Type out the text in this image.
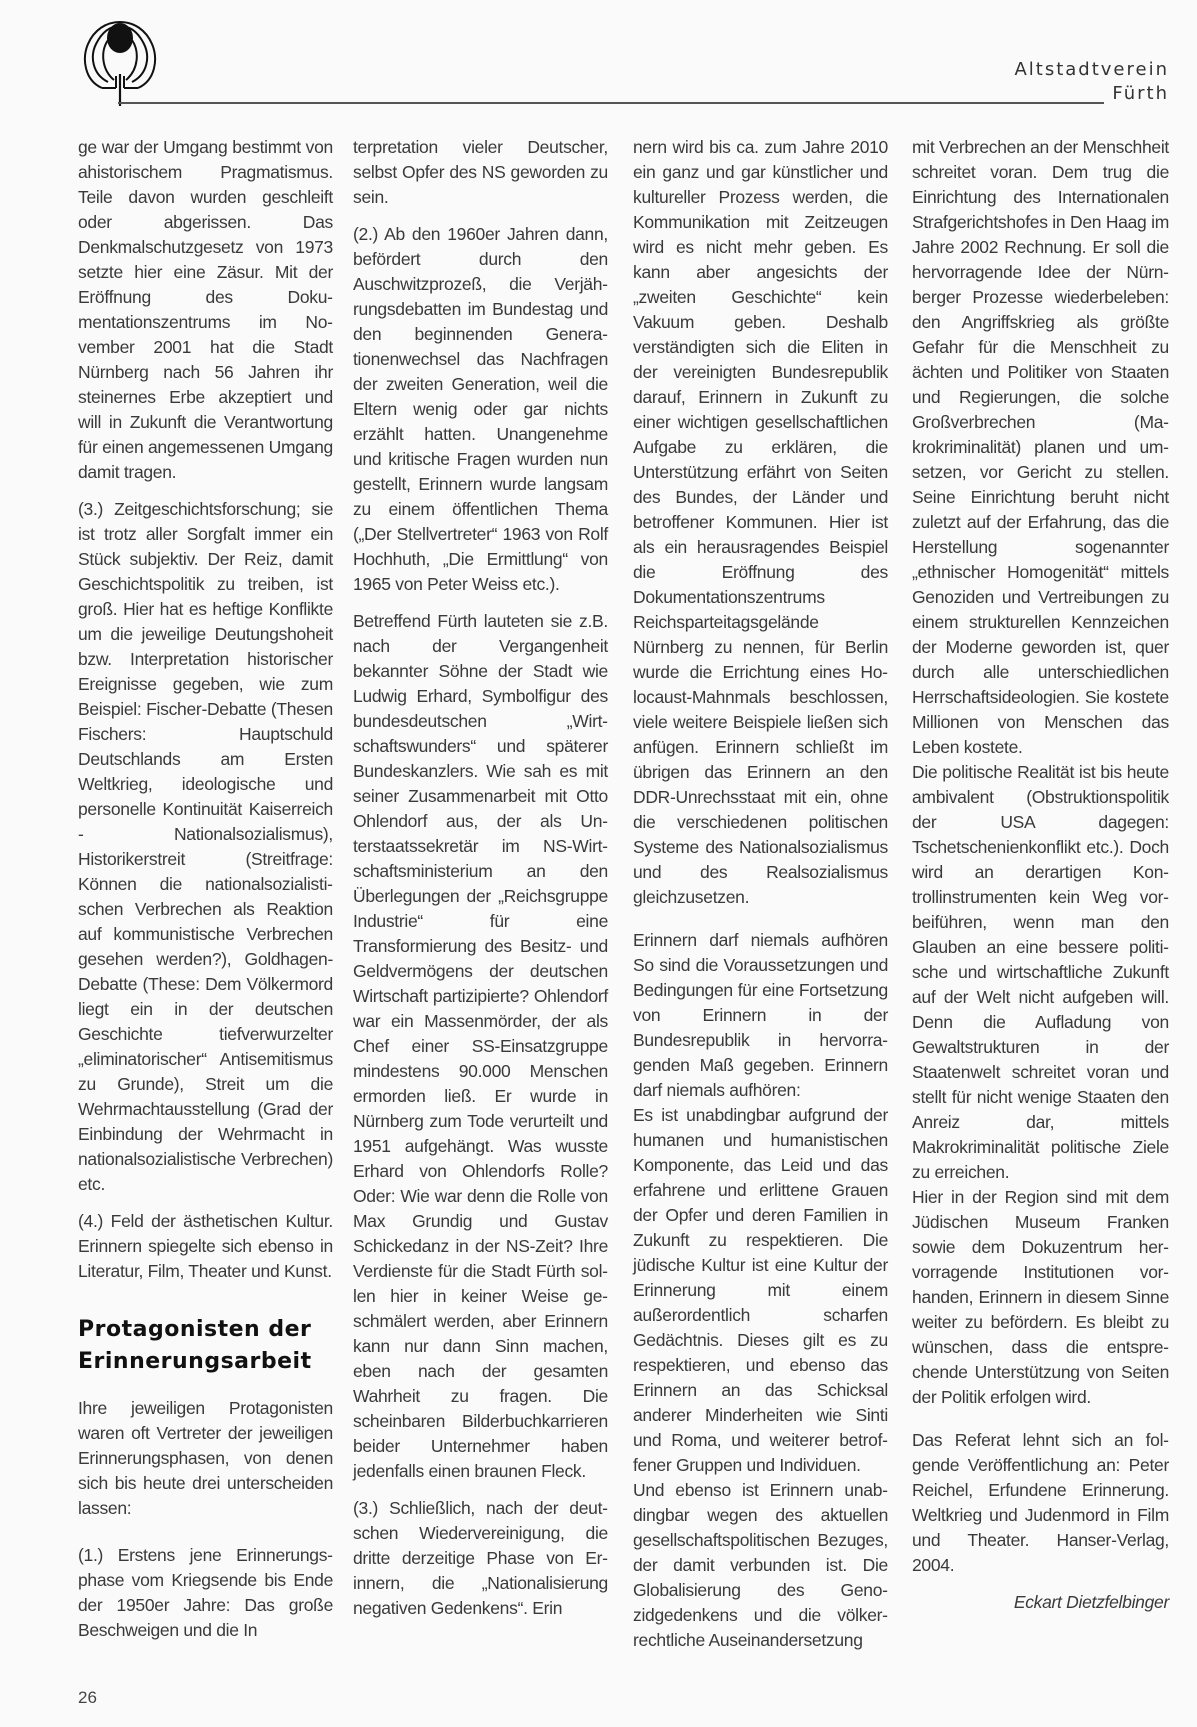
Altstadtverein
Fürth

ge war der Umgang bestimmt von ahistorischem Pragmatismus. Teile davon wurden geschleift oder abgerissen. Das Denkmalschutzgesetz von 1973 setzte hier eine Zäsur. Mit der Eröffnung des Dokumentationszentrums im November 2001 hat die Stadt Nürnberg nach 56 Jahren ihr steinernes Erbe akzeptiert und will in Zukunft die Verantwortung für einen angemessenen Umgang damit tragen.

(3.) Zeitgeschichtsforschung; sie ist trotz aller Sorgfalt immer ein Stück subjektiv. Der Reiz, damit Geschichtspolitik zu treiben, ist groß. Hier hat es heftige Konflikte um die jeweilige Deutungshoheit bzw. Interpretation historischer Ereignisse gegeben, wie zum Beispiel: Fischer-Debatte (Thesen Fischers: Hauptschuld Deutschlands am Ersten Weltkrieg, ideologische und personelle Kontinuität Kaiserreich - Nationalsozialismus), Historikerstreit (Streitfrage: Können die nationalsozialistischen Verbrechen als Reaktion auf kommunistische Verbrechen gesehen werden?), Goldhagen-Debatte (These: Dem Völkermord liegt ein in der deutschen Geschichte tiefverwurzelter „eliminatorischer“ Antisemitismus zu Grunde), Streit um die Wehrmachtausstellung (Grad der Einbindung der Wehrmacht in nationalsozialistische Verbrechen) etc.

(4.) Feld der ästhetischen Kultur. Erinnern spiegelte sich ebenso in Literatur, Film, Theater und Kunst.

Protagonisten der Erinnerungsarbeit

Ihre jeweiligen Protagonisten waren oft Vertreter der jeweiligen Erinnerungsphasen, von denen sich bis heute drei unterscheiden lassen:

(1.) Erstens jene Erinnerungsphase vom Kriegsende bis Ende der 1950er Jahre: Das große Beschweigen und die In

terpretation vieler Deutscher, selbst Opfer des NS geworden zu sein.

(2.) Ab den 1960er Jahren dann, befördert durch den Auschwitzprozeß, die Verjährungsdebatten im Bundestag und den beginnenden Generationenwechsel das Nachfragen der zweiten Generation, weil die Eltern wenig oder gar nichts erzählt hatten. Unangenehme und kritische Fragen wurden nun gestellt, Erinnern wurde langsam zu einem öffentlichen Thema („Der Stellvertreter“ 1963 von Rolf Hochhuth, „Die Ermittlung“ von 1965 von Peter Weiss etc.).

Betreffend Fürth lauteten sie z.B. nach der Vergangenheit bekannter Söhne der Stadt wie Ludwig Erhard, Symbolfigur des bundesdeutschen „Wirtschaftswunders“ und späterer Bundeskanzlers. Wie sah es mit seiner Zusammenarbeit mit Otto Ohlendorf aus, der als Unterstaatssekretär im NS-Wirtschaftsministerium an den Überlegungen der „Reichsgruppe Industrie“ für eine Transformierung des Besitz- und Geldvermögens der deutschen Wirtschaft partizipierte? Ohlendorf war ein Massenmörder, der als Chef einer SS-Einsatzgruppe mindestens 90.000 Menschen ermorden ließ. Er wurde in Nürnberg zum Tode verurteilt und 1951 aufgehängt. Was wusste Erhard von Ohlendorfs Rolle? Oder: Wie war denn die Rolle von Max Grundig und Gustav Schickedanz in der NS-Zeit? Ihre Verdienste für die Stadt Fürth sollen hier in keiner Weise geschmälert werden, aber Erinnern kann nur dann Sinn machen, eben nach der gesamten Wahrheit zu fragen. Die scheinbaren Bilderbuchkarrieren beider Unternehmer haben jedenfalls einen braunen Fleck.

(3.) Schließlich, nach der deutschen Wiedervereinigung, die dritte derzeitige Phase von Erinnern, die „Nationalisierung negativen Gedenkens“. Erin

nern wird bis ca. zum Jahre 2010 ein ganz und gar künstlicher und kultureller Prozess werden, die Kommunikation mit Zeitzeugen wird es nicht mehr geben. Es kann aber angesichts der „zweiten Geschichte“ kein Vakuum geben. Deshalb verständigten sich die Eliten in der vereinigten Bundesrepublik darauf, Erinnern in Zukunft zu einer wichtigen gesellschaftlichen Aufgabe zu erklären, die Unterstützung erfährt von Seiten des Bundes, der Länder und betroffener Kommunen. Hier ist als ein herausragendes Beispiel die Eröffnung des Dokumentationszentrums Reichsparteitagsgelände Nürnberg zu nennen, für Berlin wurde die Errichtung eines Holocaust-Mahnmals beschlossen, viele weitere Beispiele ließen sich anfügen. Erinnern schließt im übrigen das Erinnern an den DDR-Unrechsstaat mit ein, ohne die verschiedenen politischen Systeme des Nationalsozialismus und des Realsozialismus gleichzusetzen.

Erinnern darf niemals aufhören So sind die Voraussetzungen und Bedingungen für eine Fortsetzung von Erinnern in der Bundesrepublik in hervorragenden Maß gegeben. Erinnern darf niemals aufhören:

Es ist unabdingbar aufgrund der humanen und humanistischen Komponente, das Leid und das erfahrene und erlittene Grauen der Opfer und deren Familien in Zukunft zu respektieren. Die jüdische Kultur ist eine Kultur der Erinnerung mit einem außerordentlich scharfen Gedächtnis. Dieses gilt es zu respektieren, und ebenso das Erinnern an das Schicksal anderer Minderheiten wie Sinti und Roma, und weiterer betroffener Gruppen und Individuen.

Und ebenso ist Erinnern unabdingbar wegen des aktuellen gesellschaftspolitischen Bezuges, der damit verbunden ist. Die Globalisierung des Genozidgedenkens und die völkerrechtliche Auseinandersetzung

mit Verbrechen an der Menschheit schreitet voran. Dem trug die Einrichtung des Internationalen Strafgerichtshofes in Den Haag im Jahre 2002 Rechnung. Er soll die hervorragende Idee der Nürnberger Prozesse wiederbeleben: den Angriffskrieg als größte Gefahr für die Menschheit zu ächten und Politiker von Staaten und Regierungen, die solche Großverbrechen (Makrokriminalität) planen und umsetzen, vor Gericht zu stellen. Seine Einrichtung beruht nicht zuletzt auf der Erfahrung, das die Herstellung sogenannter „ethnischer Homogenität“ mittels Genoziden und Vertreibungen zu einem strukturellen Kennzeichen der Moderne geworden ist, quer durch alle unterschiedlichen Herrschaftsideologien. Sie kostete Millionen von Menschen das Leben kostete.

Die politische Realität ist bis heute ambivalent (Obstruktionspolitik der USA dagegen: Tschetschenienkonflikt etc.). Doch wird an derartigen Kontrollinstrumenten kein Weg vorbeiführen, wenn man den Glauben an eine bessere politische und wirtschaftliche Zukunft auf der Welt nicht aufgeben will. Denn die Aufladung von Gewaltstrukturen in der Staatenwelt schreitet voran und stellt für nicht wenige Staaten den Anreiz dar, mittels Makrokriminalität politische Ziele zu erreichen.

Hier in der Region sind mit dem Jüdischen Museum Franken sowie dem Dokuzentrum hervorragende Institutionen vorhanden, Erinnern in diesem Sinne weiter zu befördern. Es bleibt zu wünschen, dass die entsprechende Unterstützung von Seiten der Politik erfolgen wird.

Das Referat lehnt sich an folgende Veröffentlichung an: Peter Reichel, Erfundene Erinnerung. Weltkrieg und Judenmord in Film und Theater. Hanser-Verlag, 2004.

Eckart Dietzfelbinger

26
